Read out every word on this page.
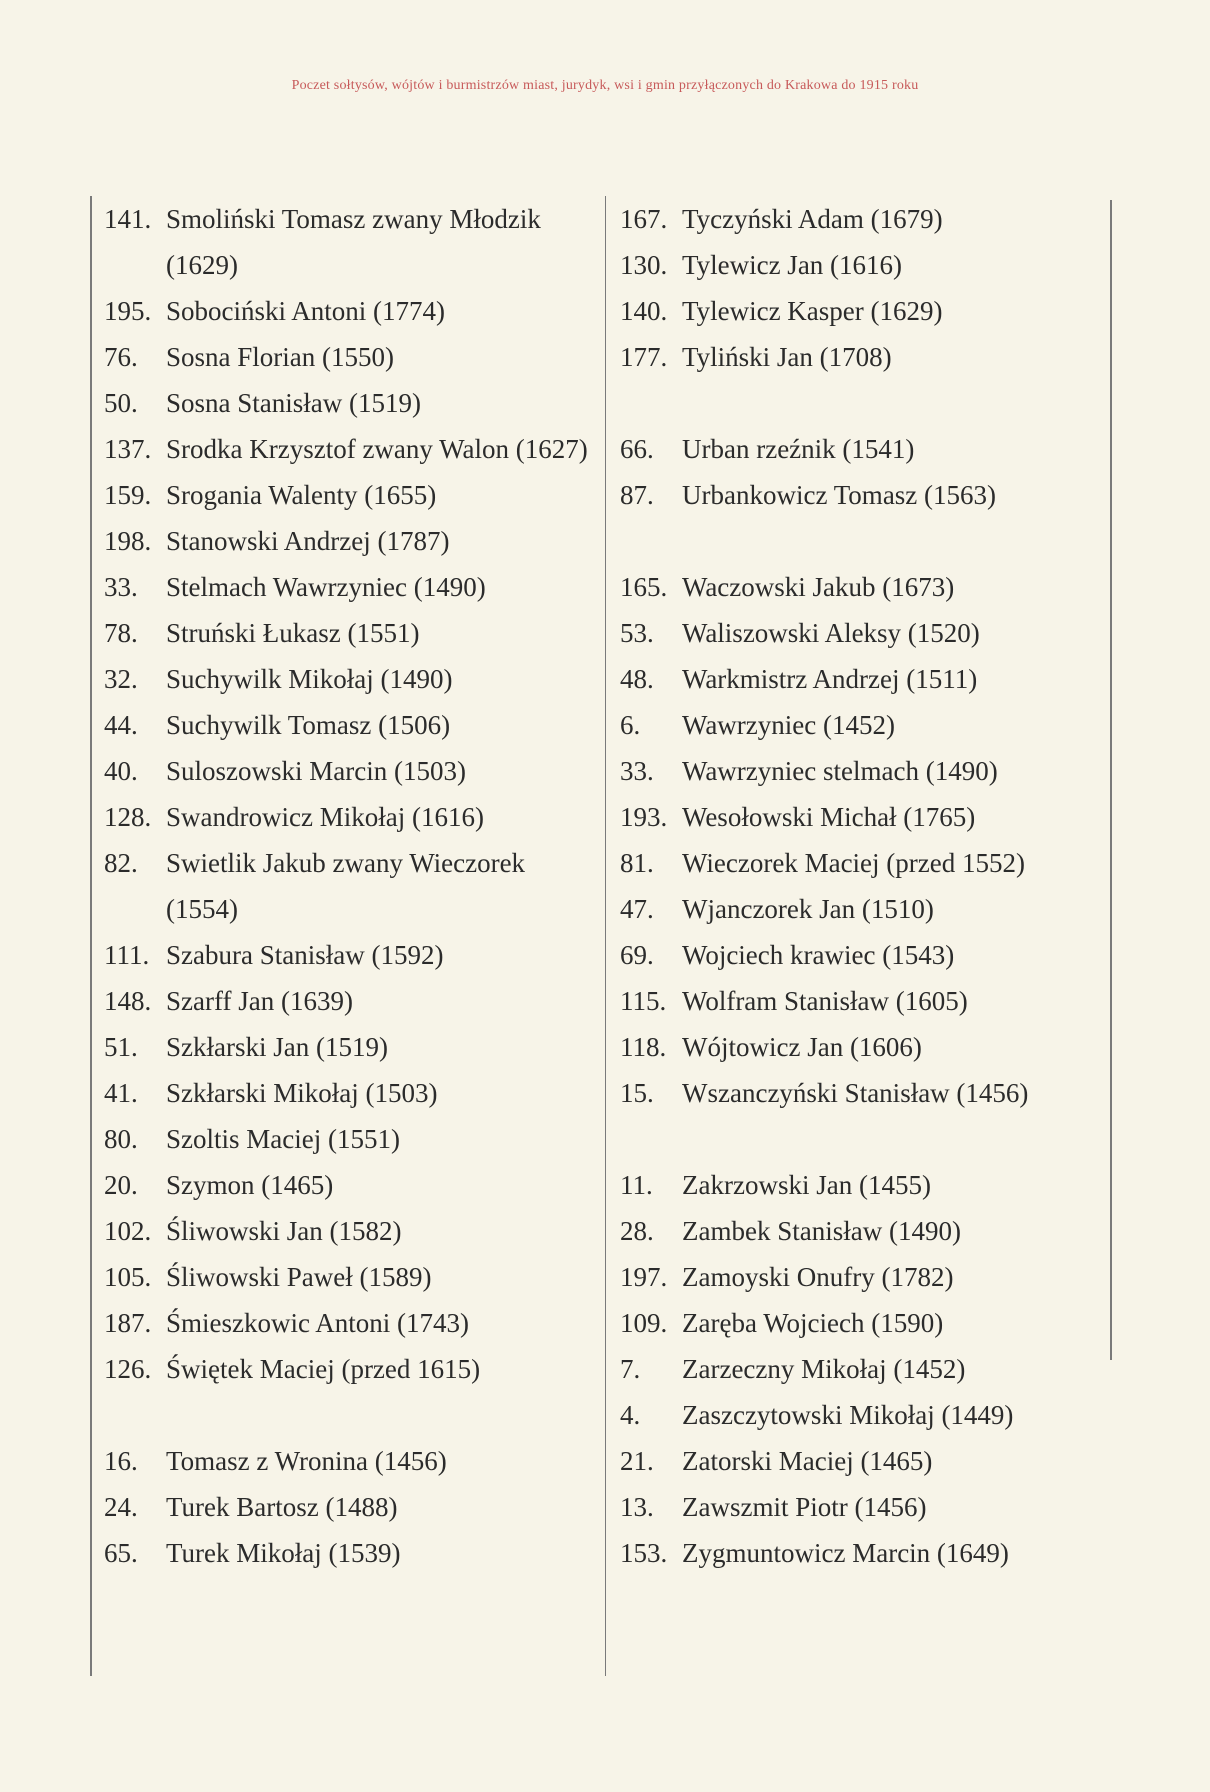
Poczet sołtysów, wójtów i burmistrzów miast, jurydyk, wsi i gmin przyłączonych do Krakowa do 1915 roku
141. Smoliński Tomasz zwany Młodzik
(1629)
195. Sobociński Antoni (1774)
76.	Sosna Florian (1550)
50.	Sosna Stanisław (1519)
137. Srodka Krzysztof zwany Walon (1627)
159. Srogania Walenty (1655)
198. Stanowski Andrzej (1787)
33.	Stelmach Wawrzyniec (1490)
78.	Struński Łukasz (1551)
32.	Suchywilk Mikołaj (1490)
44.	Suchywilk Tomasz (1506)
40.	Suloszowski Marcin (1503)
128. Swandrowicz Mikołaj (1616)
82.	Swietlik Jakub zwany Wieczorek
(1554)
111. Szabura Stanisław (1592)
148. Szarff Jan (1639)
51.	Szkłarski Jan (1519)
41.	Szkłarski Mikołaj (1503)
80.	Szoltis Maciej (1551)
20.	Szymon (1465)
102. Śliwowski Jan (1582)
105. Śliwowski Paweł (1589)
187. Śmieszkowic Antoni (1743)
126. Świętek Maciej (przed 1615)
16.	Tomasz z Wronina (1456)
24.	Turek Bartosz (1488)
65.	Turek Mikołaj (1539)
167. Tyczyński Adam (1679)
130. Tylewicz Jan (1616)
140. Tylewicz Kasper (1629)
177. Tyliński Jan (1708)
66.	Urban rzeźnik (1541)
87.	Urbankowicz Tomasz (1563)
165. Waczowski Jakub (1673)
53.	Waliszowski Aleksy (1520)
48.	Warkmistrz Andrzej (1511)
6.	Wawrzyniec (1452)
33.	Wawrzyniec stelmach (1490)
193. Wesołowski Michał (1765)
81.	Wieczorek Maciej (przed 1552)
47.	Wjanczorek Jan (1510)
69.	Wojciech krawiec (1543)
115. Wolfram Stanisław (1605)
118. Wójtowicz Jan (1606)
15.	Wszanczyński Stanisław (1456)
11.	Zakrzowski Jan (1455)
28.	Zambek Stanisław (1490)
197. Zamoyski Onufry (1782)
109. Zaręba Wojciech (1590)
7.	Zarzeczny Mikołaj (1452)
4.	Zaszczytowski Mikołaj (1449)
21.	Zatorski Maciej (1465)
13.	Zawszmit Piotr (1456)
153. Zygmuntowicz Marcin (1649)
